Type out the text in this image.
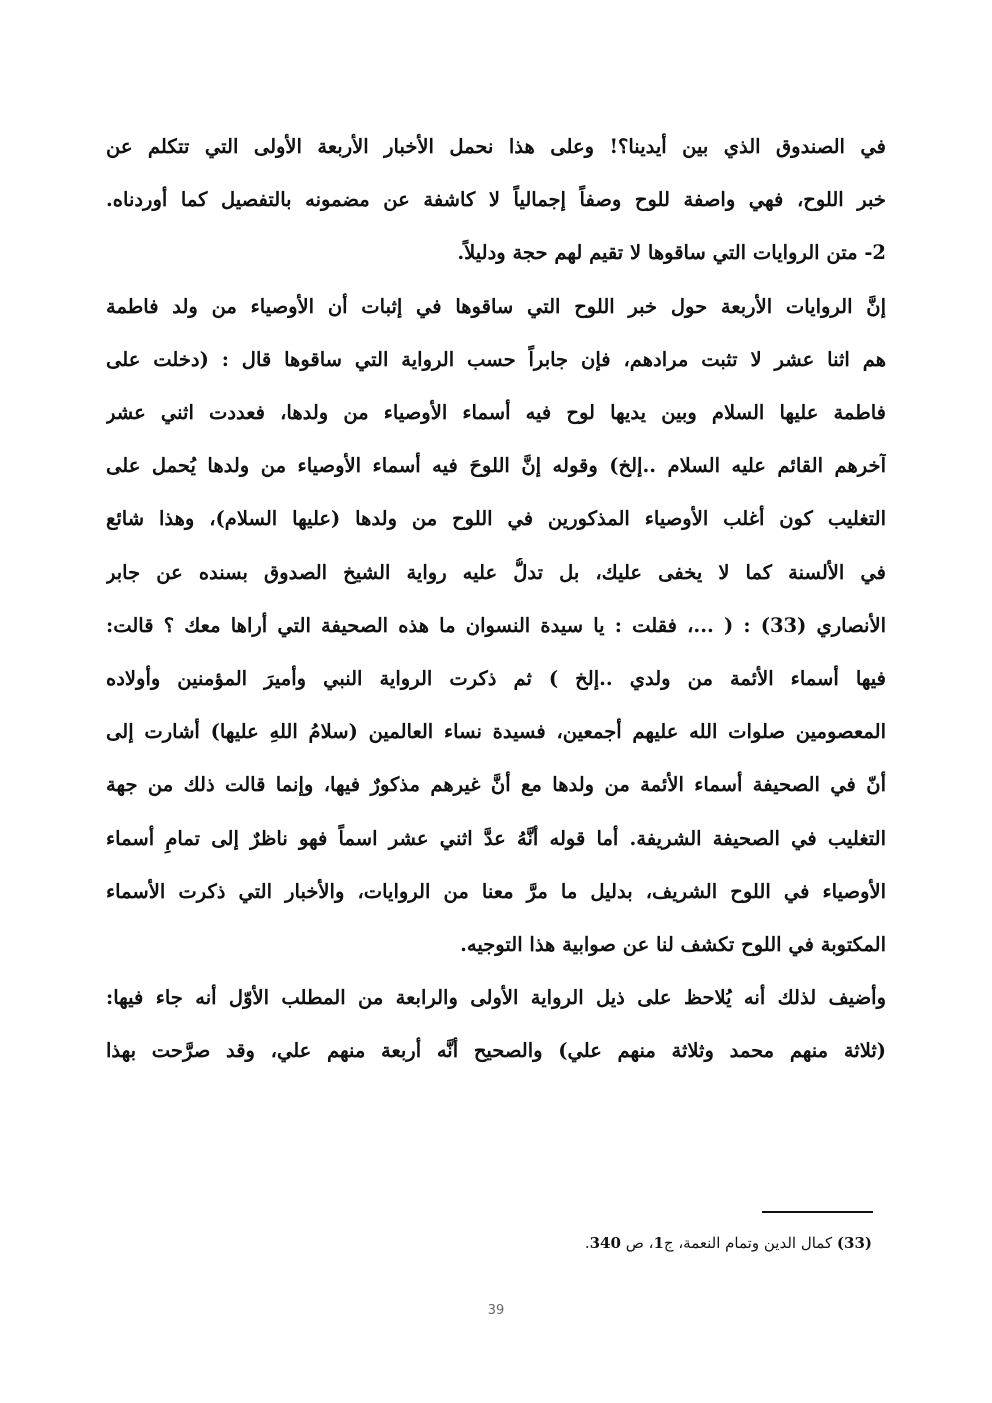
في الصندوق الذي بين أيدينا؟! وعلى هذا نحمل الأخبار الأربعة الأولى التي تتكلم عن
خبر اللوح، فهي واصفة للوح وصفاً إجمالياً لا كاشفة عن مضمونه بالتفصيل كما أوردناه.
2- متن الروايات التي ساقوها لا تقيم لهم حجة ودليلاً.
إنَّ الروايات الأربعة حول خبر اللوح التي ساقوها في إثبات أن الأوصياء من ولد فاطمة
هم اثنا عشر لا تثبت مرادهم، فإن جابراً حسب الرواية التي ساقوها قال : (دخلت على
فاطمة عليها السلام وبين يديها لوح فيه أسماء الأوصياء من ولدها، فعددت اثني عشر
آخرهم القائم عليه السلام ..إلخ) وقوله إنَّ اللوحَ فيه أسماء الأوصياء من ولدها يُحمل على
التغليب كون أغلب الأوصياء المذكورين في اللوح من ولدها (عليها السلام)، وهذا شائع
في الألسنة كما لا يخفى عليك، بل تدلُّ عليه رواية الشيخ الصدوق بسنده عن جابر
الأنصاري (33) : ( ...، فقلت : يا سيدة النسوان ما هذه الصحيفة التي أراها معك ؟ قالت:
فيها أسماء الأئمة من ولدي ..إلخ ) ثم ذكرت الرواية النبي وأميرَ المؤمنين وأولاده
المعصومين صلوات الله عليهم أجمعين، فسيدة نساء العالمين (سلامُ اللهِ عليها) أشارت إلى
أنّ في الصحيفة أسماء الأئمة من ولدها مع أنَّ غيرهم مذكورٌ فيها، وإنما قالت ذلك من جهة
التغليب في الصحيفة الشريفة. أما قوله أنَّهُ عدَّ اثني عشر اسماً فهو ناظرٌ إلى تمامِ أسماء
الأوصياء في اللوح الشريف، بدليل ما مرَّ معنا من الروايات، والأخبار التي ذكرت الأسماء
المكتوبة في اللوح تكشف لنا عن صوابية هذا التوجيه.
وأضيف لذلك أنه يُلاحظ على ذيل الرواية الأولى والرابعة من المطلب الأوّل أنه جاء فيها:
(ثلاثة منهم محمد وثلاثة منهم علي) والصحيح أنَّه أربعة منهم علي، وقد صرَّحت بهذا
(33) كمال الدين وتمام النعمة، ج1، ص 340.
39
